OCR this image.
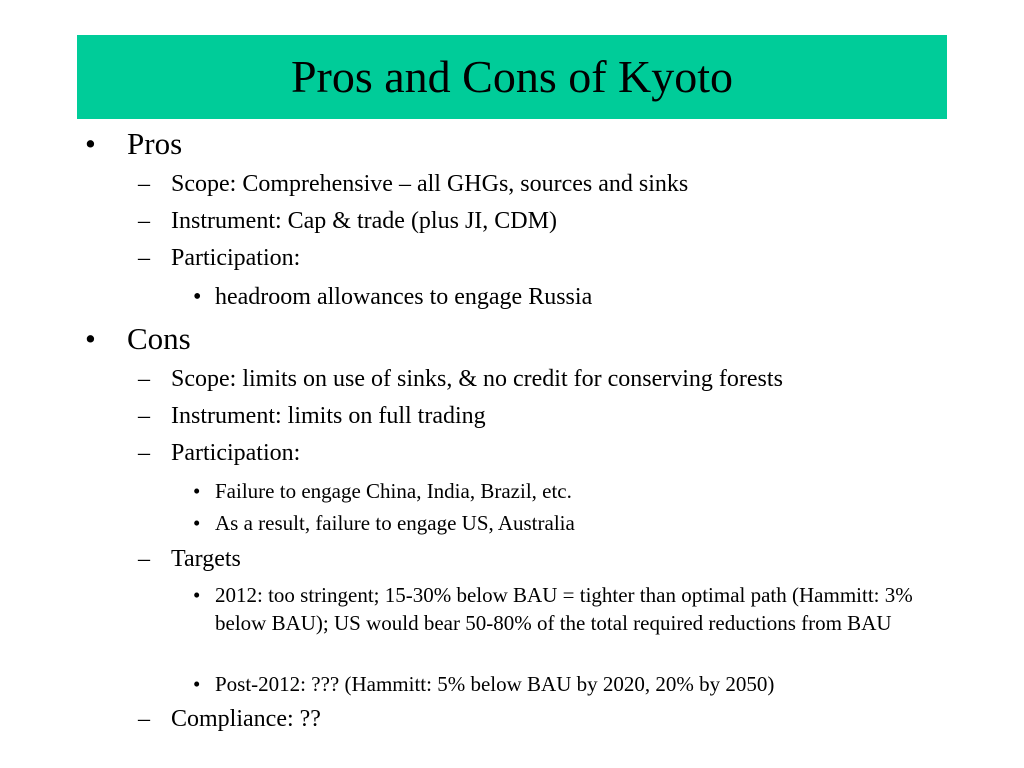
Pros and Cons of Kyoto
•	Pros
– Scope: Comprehensive – all GHGs, sources and sinks
– Instrument: Cap & trade (plus JI, CDM)
– Participation:
• headroom allowances to engage Russia
•	Cons
– Scope: limits on use of sinks, & no credit for conserving forests
– Instrument: limits on full trading
– Participation:
• Failure to engage China, India, Brazil, etc.
• As a result, failure to engage US, Australia
– Targets
• 2012: too stringent; 15-30% below BAU = tighter than optimal path (Hammitt: 3% below BAU); US would bear 50-80% of the total required reductions from BAU
• Post-2012: ??? (Hammitt: 5% below BAU by 2020, 20% by 2050)
– Compliance: ??
